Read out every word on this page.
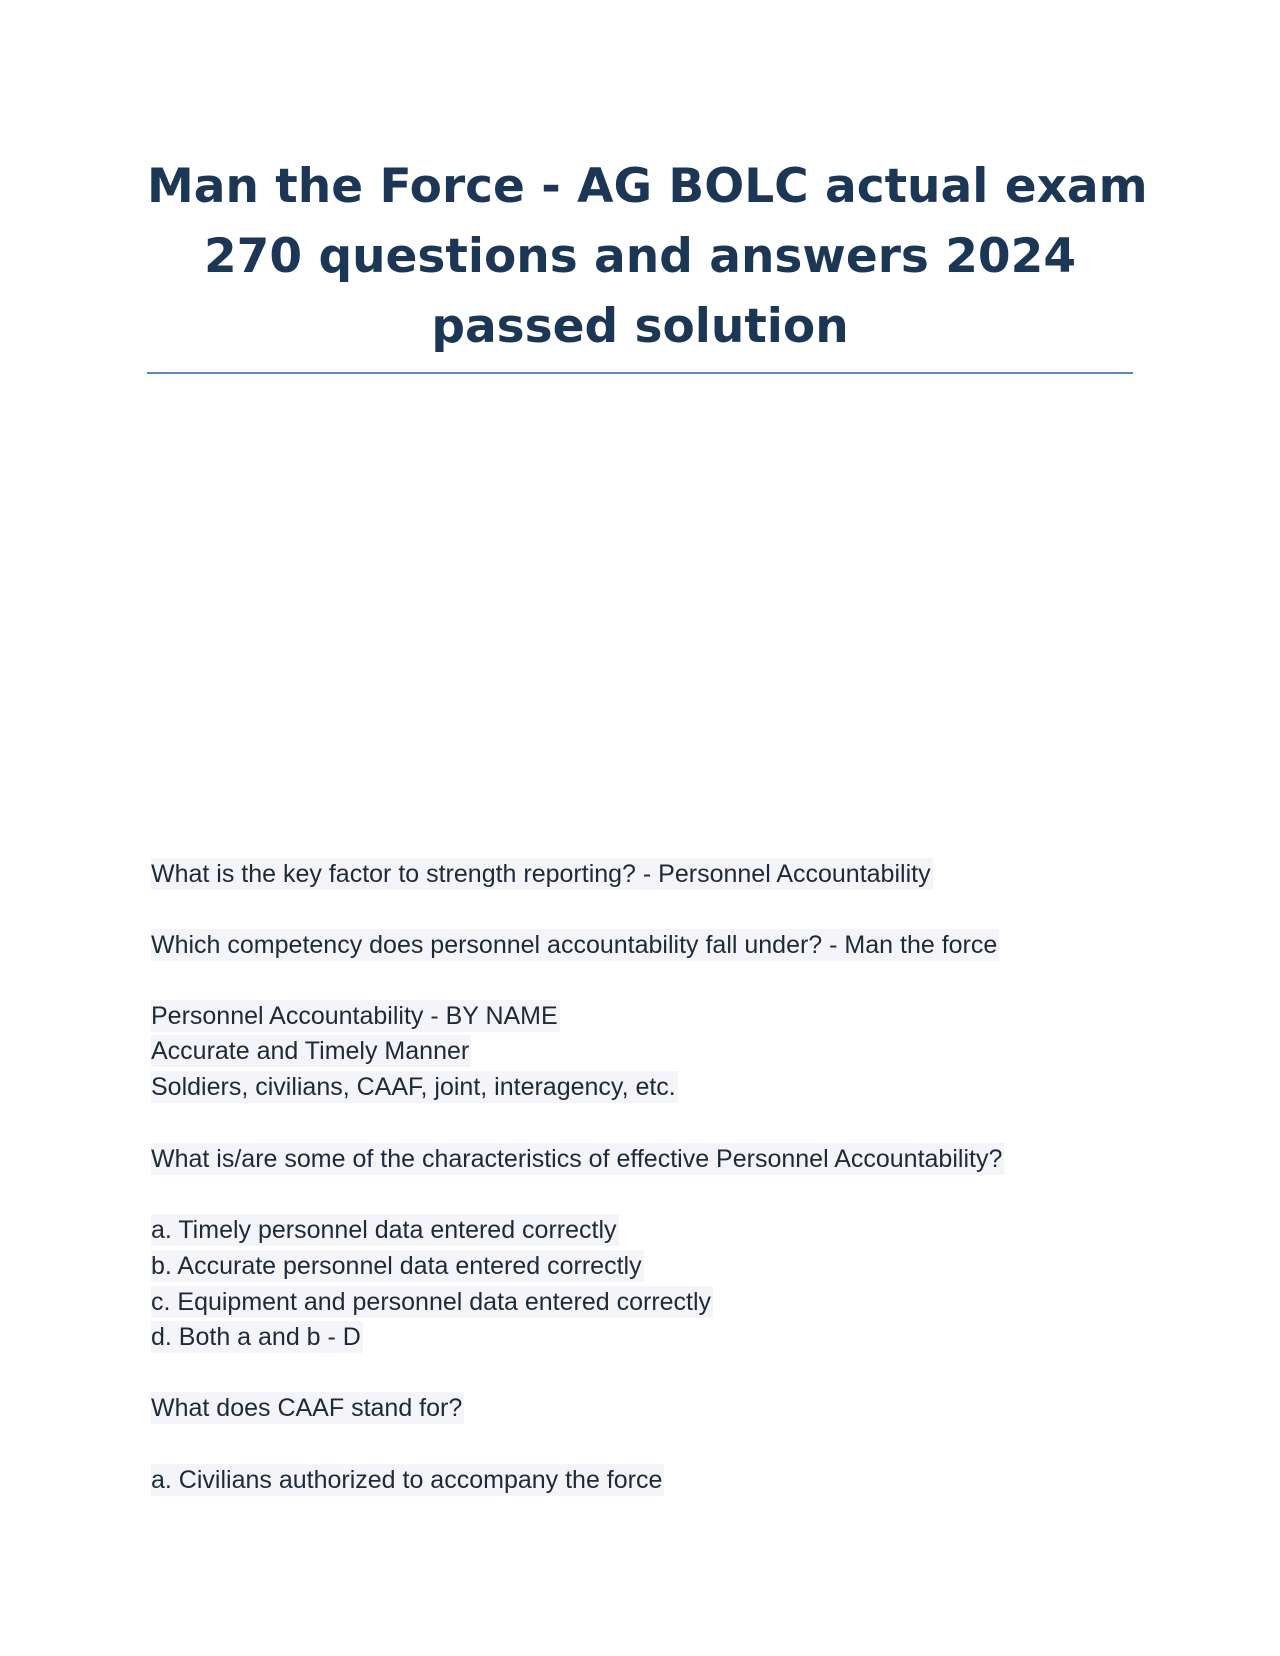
Man the Force - AG BOLC actual exam
270 questions and answers 2024
passed solution
What is the key factor to strength reporting? - Personnel Accountability
Which competency does personnel accountability fall under? - Man the force
Personnel Accountability - BY NAME
Accurate and Timely Manner
Soldiers, civilians, CAAF, joint, interagency, etc.
What is/are some of the characteristics of effective Personnel Accountability?
a. Timely personnel data entered correctly
b. Accurate personnel data entered correctly
c. Equipment and personnel data entered correctly
d. Both a and b - D
What does CAAF stand for?
a. Civilians authorized to accompany the force
